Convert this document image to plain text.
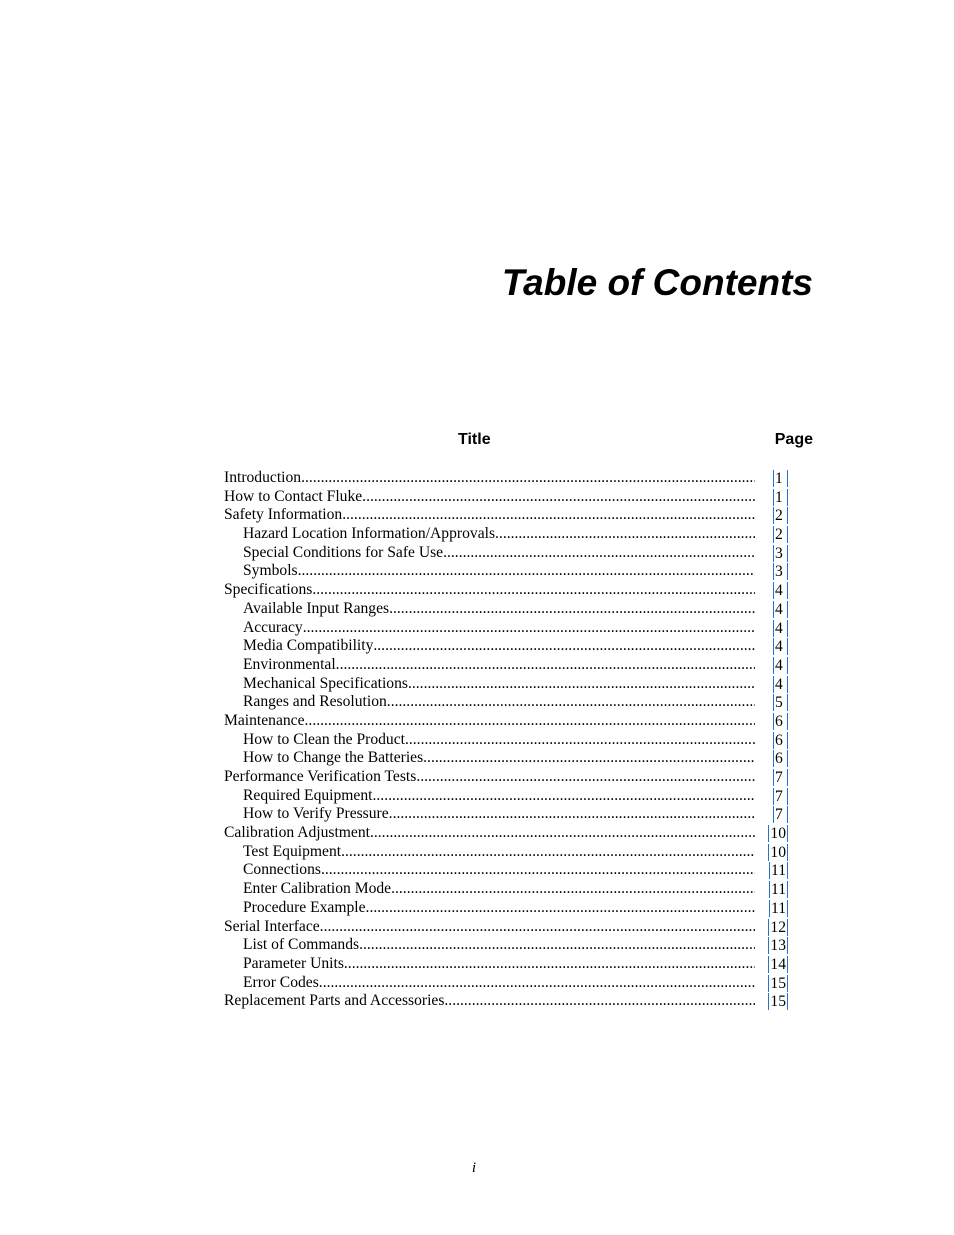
Table of Contents
Title	Page
Introduction .....	1
How to Contact Fluke .....	1
Safety Information .....	2
Hazard Location Information/Approvals .....	2
Special Conditions for Safe Use .....	3
Symbols .....	3
Specifications .....	4
Available Input Ranges .....	4
Accuracy .....	4
Media Compatibility .....	4
Environmental .....	4
Mechanical Specifications .....	4
Ranges and Resolution .....	5
Maintenance .....	6
How to Clean the Product .....	6
How to Change the Batteries .....	6
Performance Verification Tests .....	7
Required Equipment .....	7
How to Verify Pressure .....	7
Calibration Adjustment .....	10
Test Equipment .....	10
Connections .....	11
Enter Calibration Mode .....	11
Procedure Example .....	11
Serial Interface .....	12
List of Commands .....	13
Parameter Units .....	14
Error Codes .....	15
Replacement Parts and Accessories .....	15
i
